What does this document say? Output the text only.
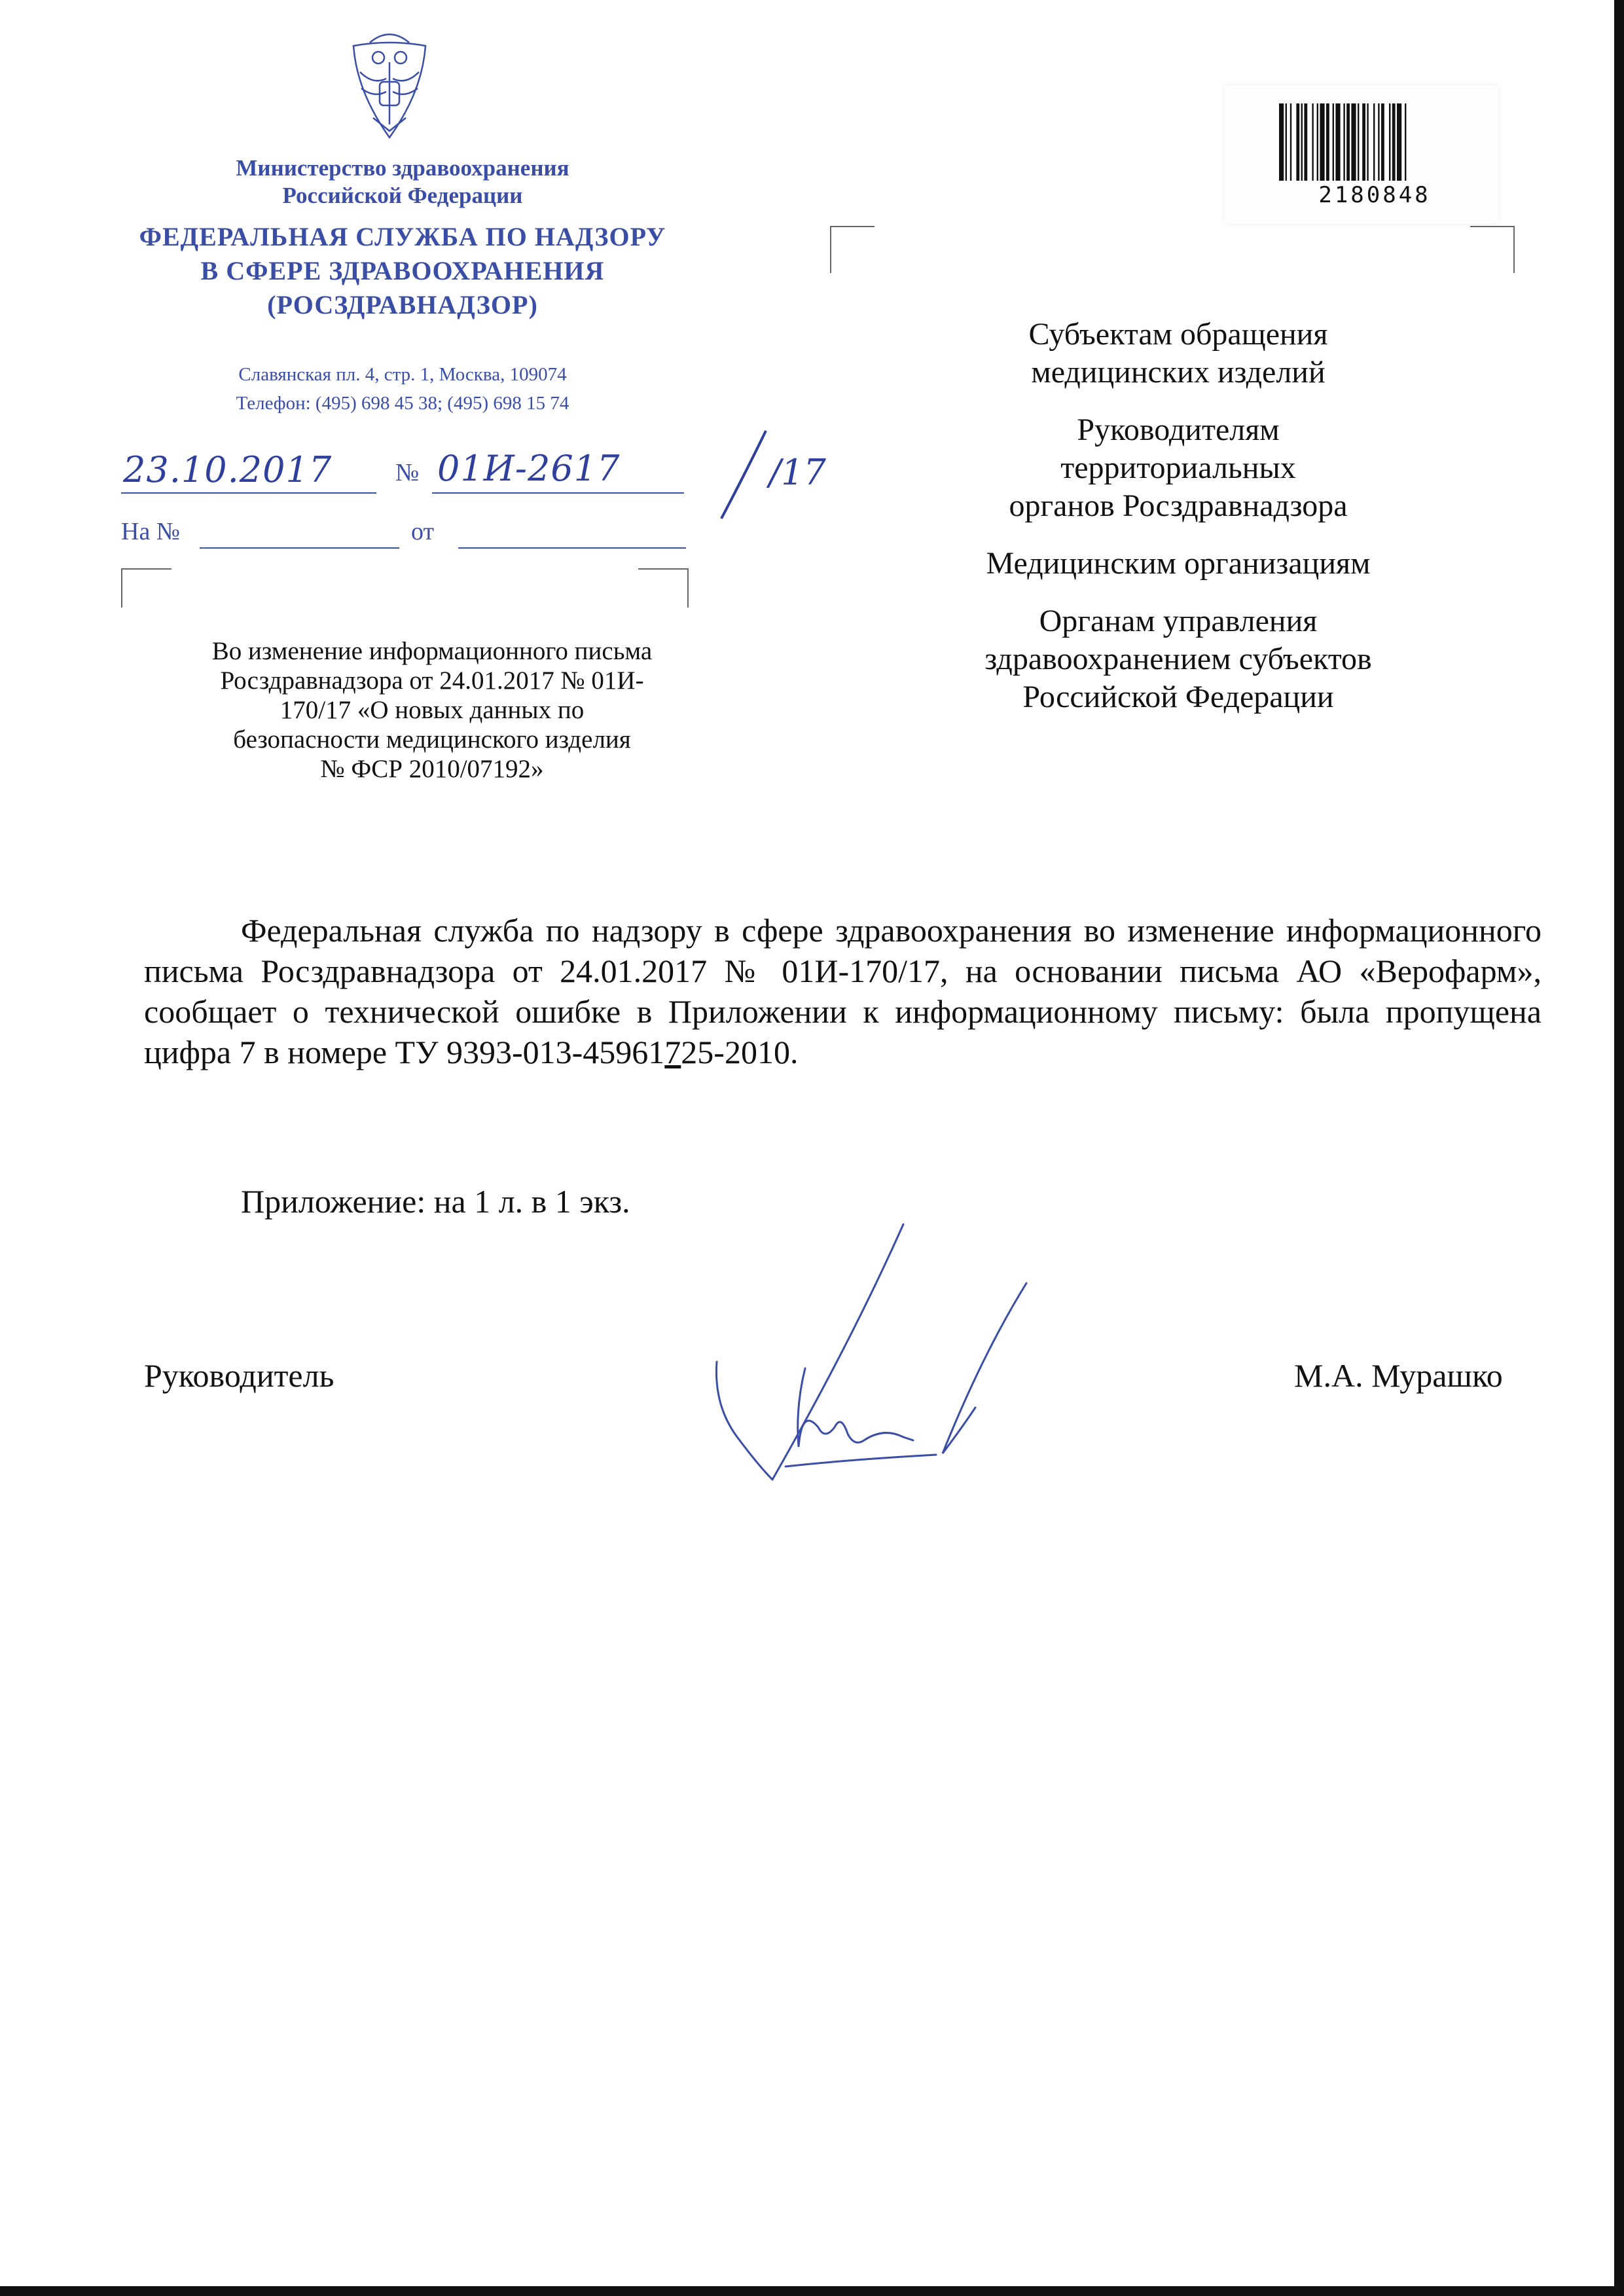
Министерство здравоохранения
Российской Федерации
ФЕДЕРАЛЬНАЯ СЛУЖБА ПО НАДЗОРУ
В СФЕРЕ ЗДРАВООХРАНЕНИЯ
(РОСЗДРАВНАДЗОР)
Славянская пл. 4, стр. 1, Москва, 109074
Телефон: (495) 698 45 38; (495) 698 15 74
2180848
23.10.2017	№ 01И-2617	/17
На №	от
Во изменение информационного письма
Росздравнадзора от 24.01.2017 № 01И-
170/17 «О новых данных по
безопасности медицинского изделия
№ ФСР 2010/07192»

Субъектам обращения
медицинских изделий

Руководителям
территориальных
органов Росздравнадзора

Медицинским организациям

Органам управления
здравоохранением субъектов
Российской Федерации

Федеральная служба по надзору в сфере здравоохранения во изменение информационного письма Росздравнадзора от 24.01.2017 № 01И-170/17, на основании письма АО «Верофарм», сообщает о технической ошибке в Приложении к информационному письму: была пропущена цифра 7 в номере ТУ 9393-013-45961725-2010.
Приложение: на 1 л. в 1 экз.
Руководитель	М.А. Мурашко
